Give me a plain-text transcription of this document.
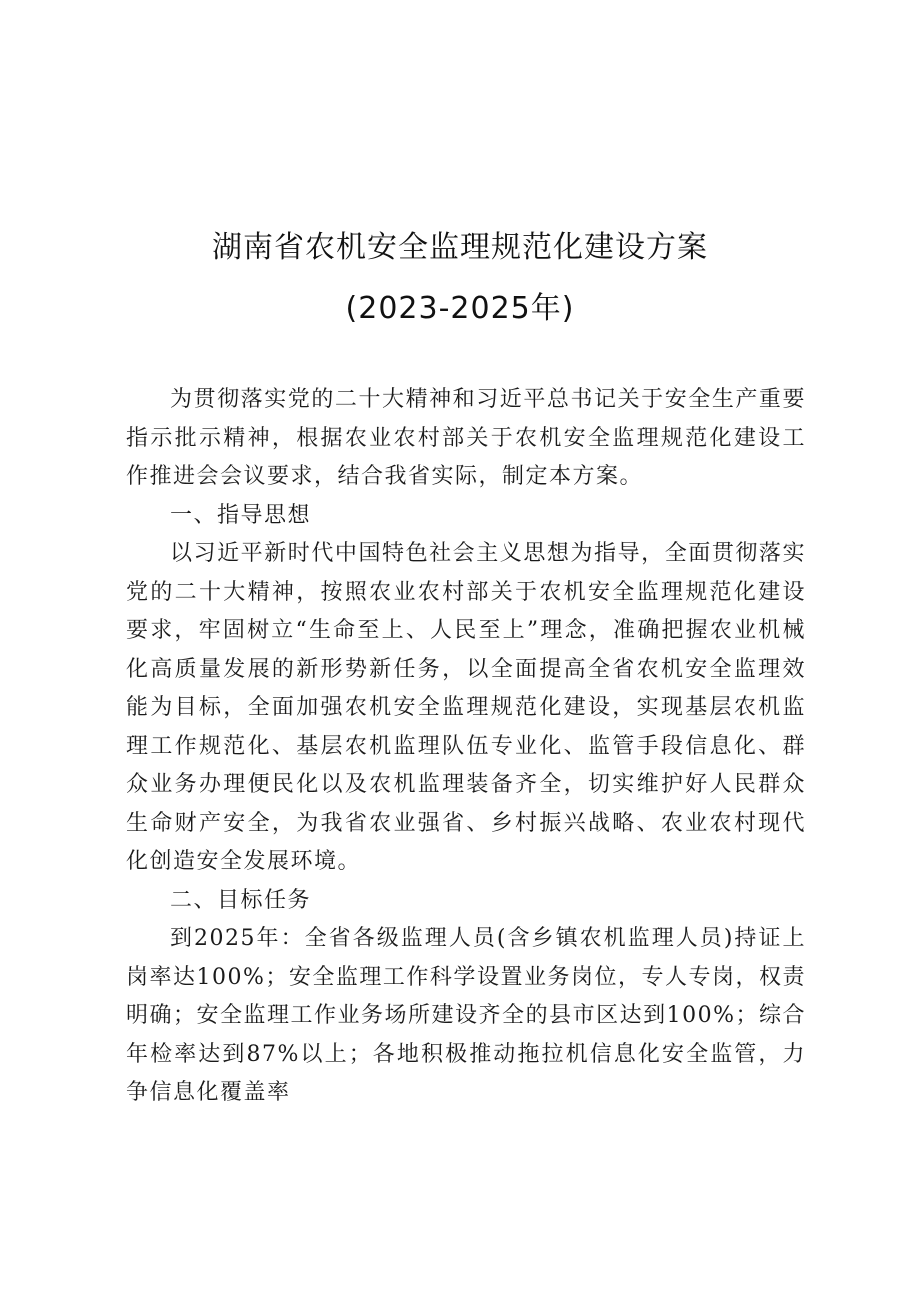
湖南省农机安全监理规范化建设方案
(2023-2025年)

为贯彻落实党的二十大精神和习近平总书记关于安全生产重要指示批示精神，根据农业农村部关于农机安全监理规范化建设工作推进会会议要求，结合我省实际，制定本方案。

一、指导思想

以习近平新时代中国特色社会主义思想为指导，全面贯彻落实党的二十大精神，按照农业农村部关于农机安全监理规范化建设要求，牢固树立“生命至上、人民至上”理念，准确把握农业机械化高质量发展的新形势新任务，以全面提高全省农机安全监理效能为目标，全面加强农机安全监理规范化建设，实现基层农机监理工作规范化、基层农机监理队伍专业化、监管手段信息化、群众业务办理便民化以及农机监理装备齐全，切实维护好人民群众生命财产安全，为我省农业强省、乡村振兴战略、农业农村现代化创造安全发展环境。

二、目标任务

到2025年：全省各级监理人员(含乡镇农机监理人员)持证上岗率达100%；安全监理工作科学设置业务岗位，专人专岗，权责明确；安全监理工作业务场所建设齐全的县市区达到100%；综合年检率达到87%以上；各地积极推动拖拉机信息化安全监管，力争信息化覆盖率
